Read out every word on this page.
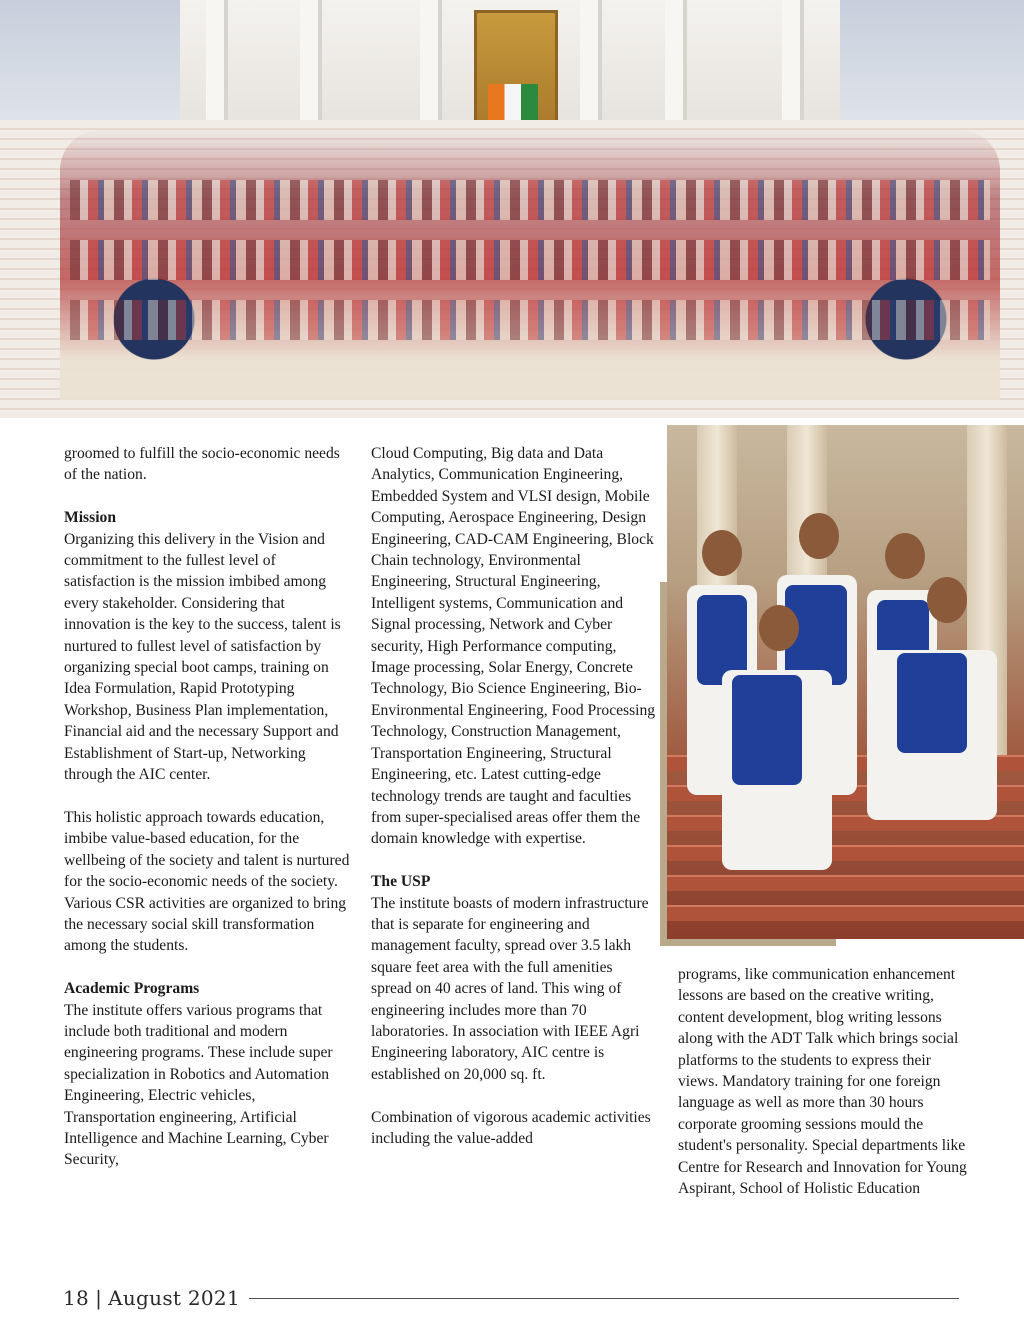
groomed to fulfill the socio-economic needs of the nation.

Mission
Organizing this delivery in the Vision and commitment to the fullest level of satisfaction is the mission imbibed among every stakeholder. Considering that innovation is the key to the success, talent is nurtured to fullest level of satisfaction by organizing special boot camps, training on Idea Formulation, Rapid Prototyping Workshop, Business Plan implementation, Financial aid and the necessary Support and Establishment of Start-up, Networking through the AIC center.

This holistic approach towards education, imbibe value-based education, for the wellbeing of the society and talent is nurtured for the socio-economic needs of the society. Various CSR activities are organized to bring the necessary social skill transformation among the students.

Academic Programs
The institute offers various programs that include both traditional and modern engineering programs. These include super specialization in Robotics and Automation Engineering, Electric vehicles, Transportation engineering, Artificial Intelligence and Machine Learning, Cyber Security,

Cloud Computing, Big data and Data Analytics, Communication Engineering, Embedded System and VLSI design, Mobile Computing, Aerospace Engineering, Design Engineering, CAD-CAM Engineering, Block Chain technology, Environmental Engineering, Structural Engineering, Intelligent systems, Communication and Signal processing, Network and Cyber security, High Performance computing, Image processing, Solar Energy, Concrete Technology, Bio Science Engineering, Bio-Environmental Engineering, Food Processing Technology, Construction Management, Transportation Engineering, Structural Engineering, etc. Latest cutting-edge technology trends are taught and faculties from super-specialised areas offer them the domain knowledge with expertise.

The USP
The institute boasts of modern infrastructure that is separate for engineering and management faculty, spread over 3.5 lakh square feet area with the full amenities spread on 40 acres of land. This wing of engineering includes more than 70 laboratories. In association with IEEE Agri Engineering laboratory, AIC centre is established on 20,000 sq. ft.

Combination of vigorous academic activities including the value-added

programs, like communication enhancement lessons are based on the creative writing, content development, blog writing lessons along with the ADT Talk which brings social platforms to the students to express their views. Mandatory training for one foreign language as well as more than 30 hours corporate grooming sessions mould the student's personality. Special departments like Centre for Research and Innovation for Young Aspirant, School of Holistic Education

18 | August 2021
